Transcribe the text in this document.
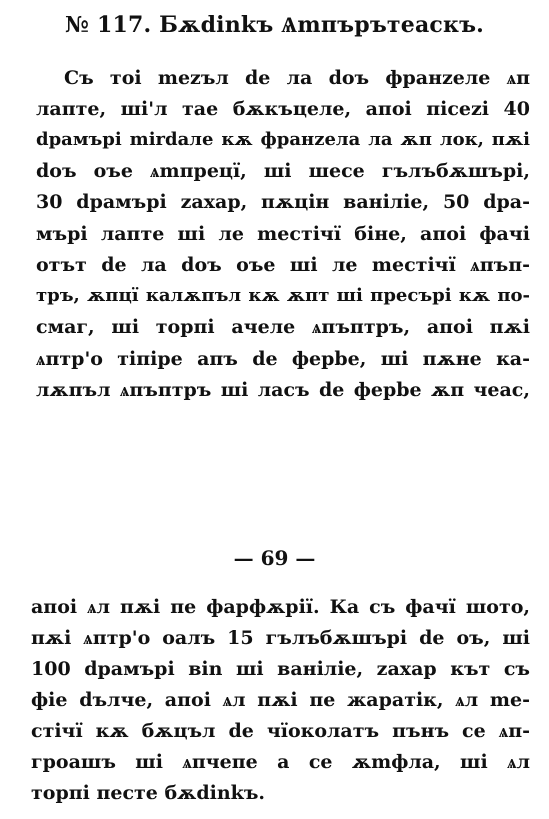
№ 117. Бѫdinkъ Ѧmпърътеаскъ.
Съ тоі mezъл de ла doъ франzеле ѧп
лапте, ші'л тае бѫкъцеле, апоі пісеzі 40
dрамърі mirdале кѫ франzела ла ѫп лок, пѫі
doъ оъе ѧmпрецї, ші шесе гълъбѫшърі,
30 dрамърі zахар, пѫцін ваніліе, 50 dра-
мърі лапте ші ле mестічї біне, апоі фачі
отът de ла doъ оъе ші ле mестічї ѧпъп-
тръ, ѫпцї калѫпъл кѫ ѫпт ші пресърі кѫ по-
смаг, ші торпі ачеле ѧпъптръ, апоі пѫі
ѧптр'о тіпіре апъ de ферbe, ші пѫне ка-
лѫпъл ѧпъптръ ші ласъ de ферbe ѫп чеас,
— 69 —
апоі ѧл пѫі пе фарфѫрії. Ка съ фачї шото,
пѫі ѧптр'о оалъ 15 гълъбѫшърі de оъ, ші
100 dрамърі віn ші ваніліе, zахар кът съ
фіе dълче, апоі ѧл пѫі пе жаратік, ѧл mе-
стічї кѫ бѫцъл de чїоколатъ пънъ се ѧп-
гроашъ ші ѧпчепе а се ѫmфла, ші ѧл
торпі песте бѫdinkъ.
